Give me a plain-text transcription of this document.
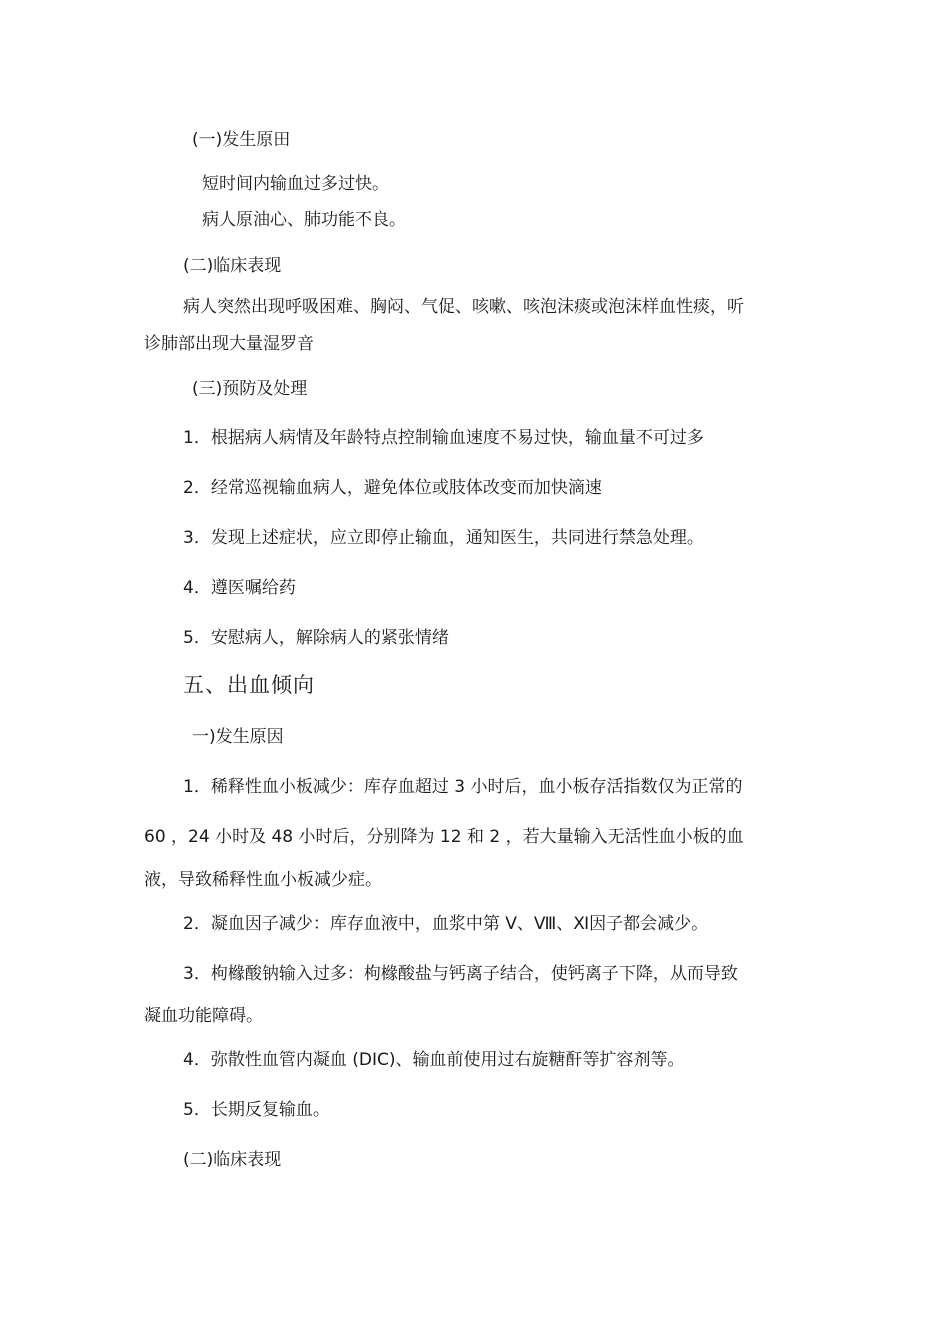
(一)发生原田
短时间内输血过多过快。
病人原油心、肺功能不良。
(二)临床表现
病人突然出现呼吸困难、胸闷、气促、咳嗽、咳泡沫痰或泡沫样血性痰，听
诊肺部出现大量湿罗音
(三)预防及处理
1．根据病人病情及年龄特点控制输血速度不易过快，输血量不可过多
2．经常巡视输血病人，避免体位或肢体改变而加快滴速
3．发现上述症状，应立即停止输血，通知医生，共同进行禁急处理。
4．遵医嘱给药
5．安慰病人，解除病人的紧张情绪
五、出血倾向
一)发生原因
1．稀释性血小板减少：库存血超过 3 小时后，血小板存活指数仅为正常的
60 ，24 小时及 48 小时后，分别降为 12 和 2 ，若大量输入无活性血小板的血
液，导致稀释性血小板减少症。
2．凝血因子减少：库存血液中，血浆中第 V、Ⅷ、Ⅺ因子都会减少。
3．枸橼酸钠输入过多：枸橼酸盐与钙离子结合，使钙离子下降，从而导致
凝血功能障碍。
4．弥散性血管内凝血 (DIC)、输血前使用过右旋糖酐等扩容剂等。
5．长期反复输血。
(二)临床表现
